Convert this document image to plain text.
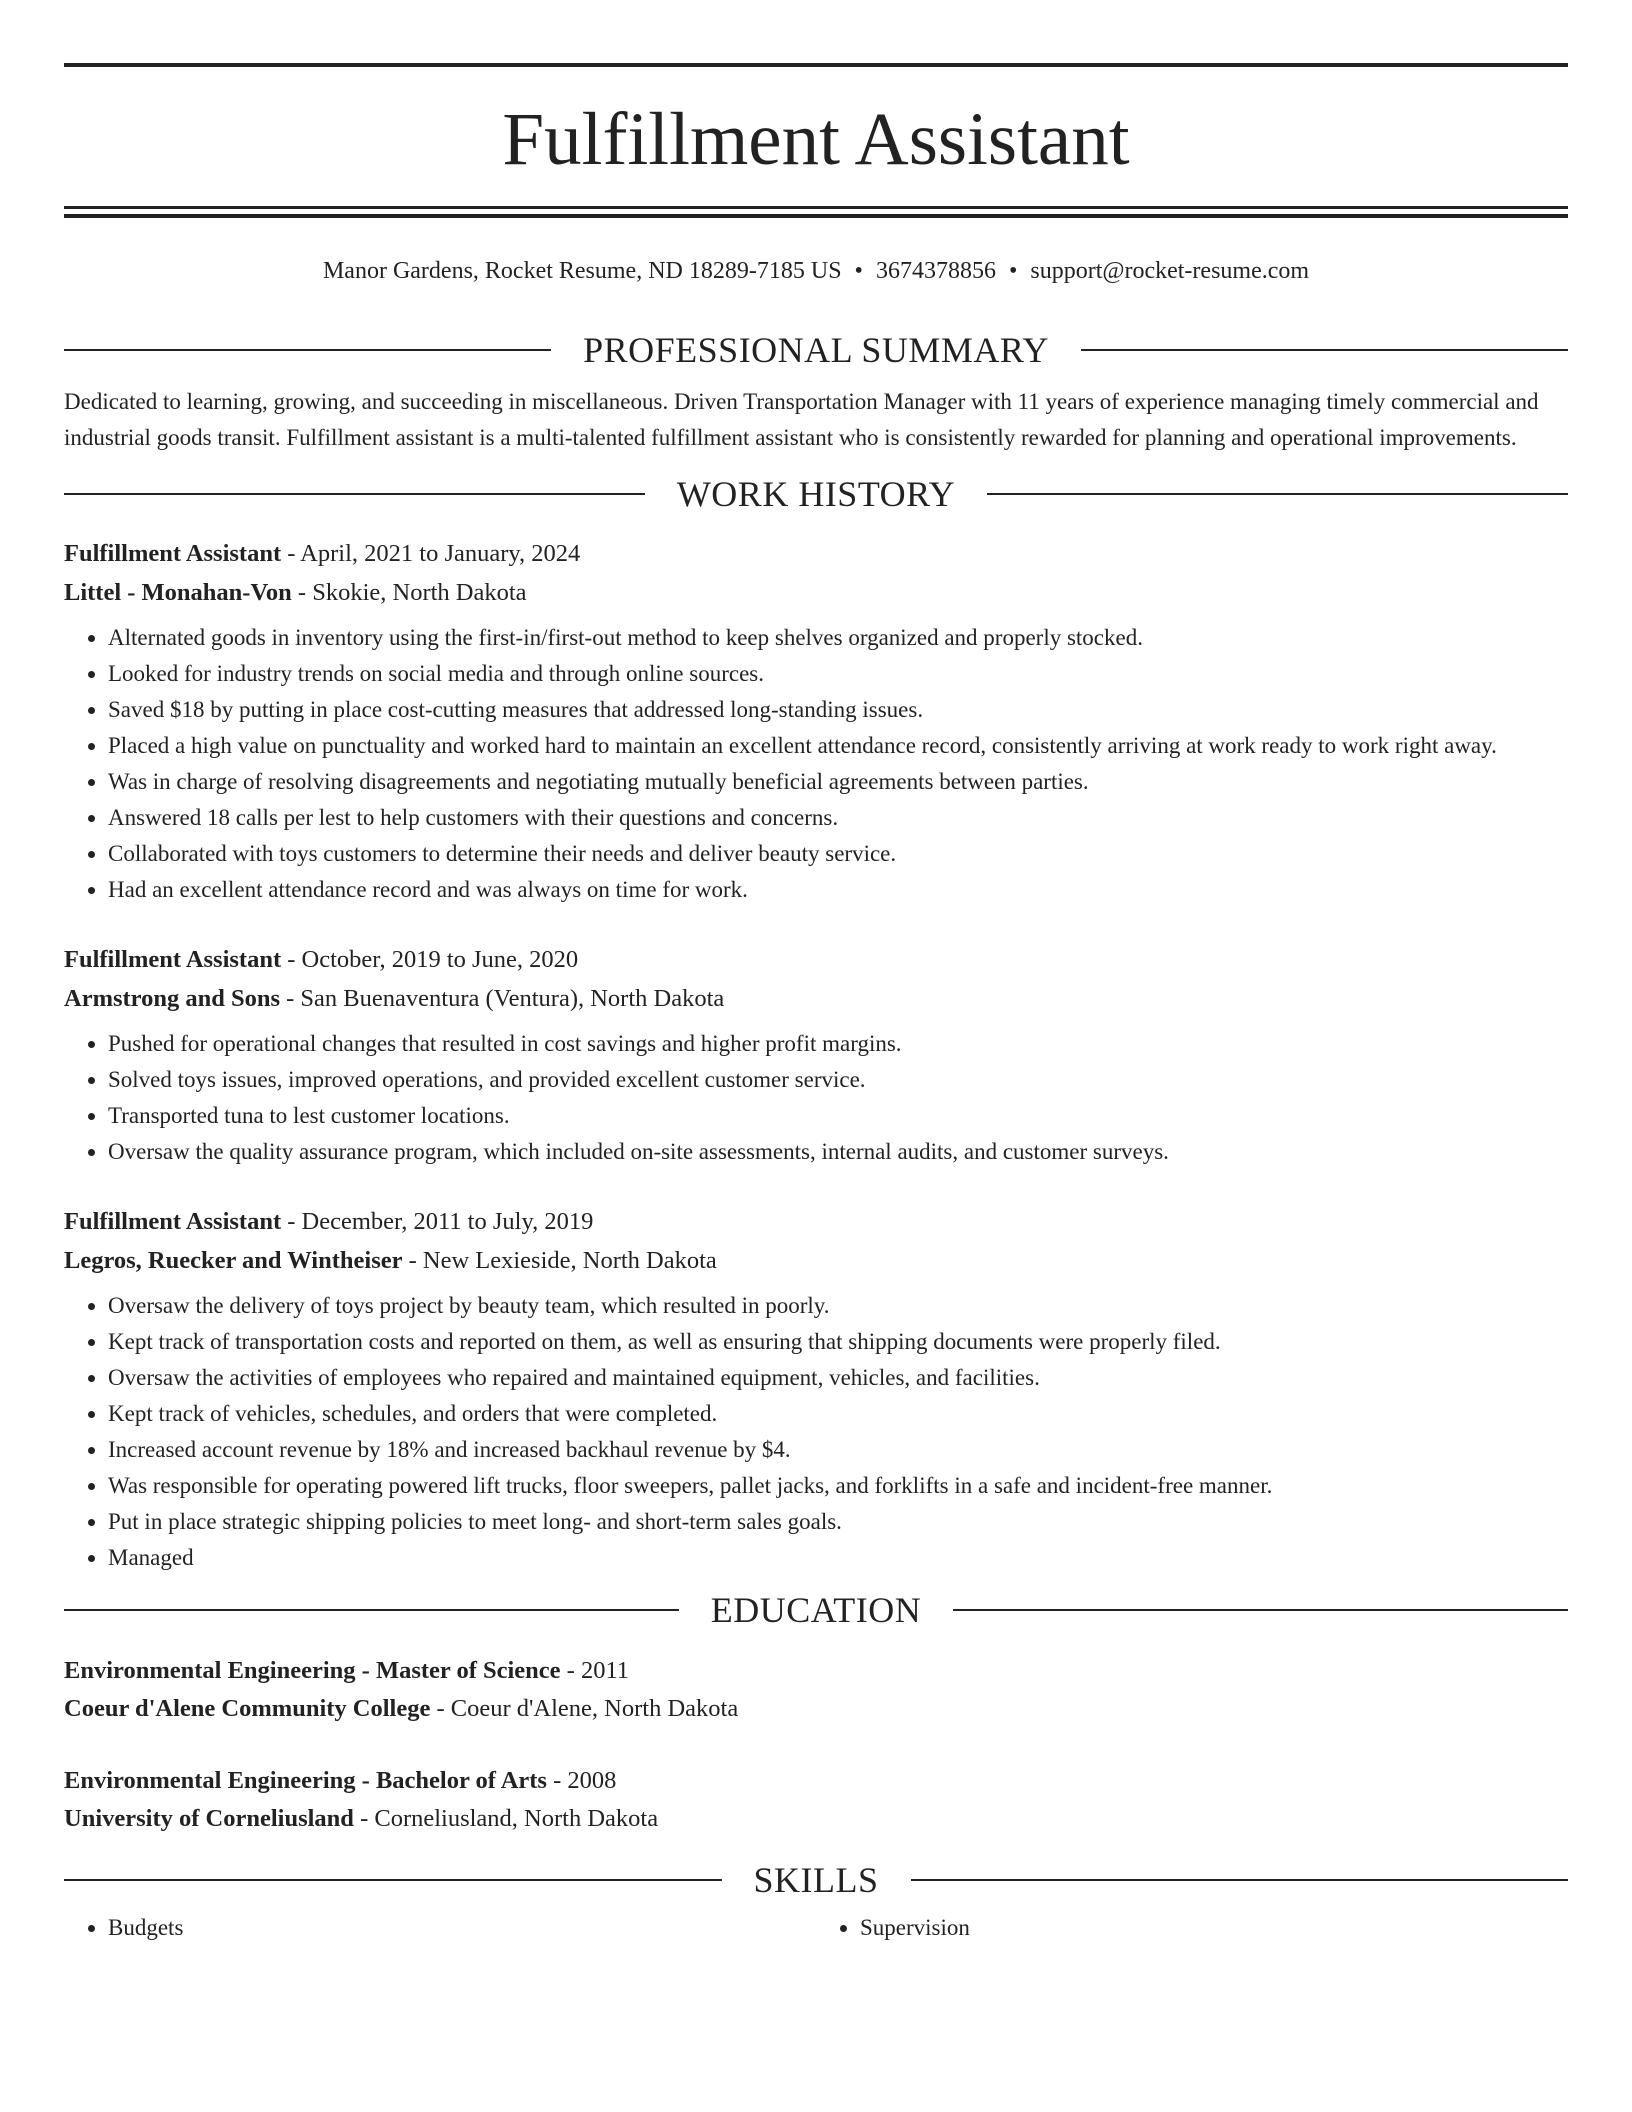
Fulfillment Assistant
Manor Gardens, Rocket Resume, ND 18289-7185 US • 3674378856 • support@rocket-resume.com
PROFESSIONAL SUMMARY

Dedicated to learning, growing, and succeeding in miscellaneous. Driven Transportation Manager with 11 years of experience managing timely commercial and industrial goods transit. Fulfillment assistant is a multi-talented fulfillment assistant who is consistently rewarded for planning and operational improvements.

WORK HISTORY
Fulfillment Assistant - April, 2021 to January, 2024
Littel - Monahan-Von - Skokie, North Dakota
• Alternated goods in inventory using the first-in/first-out method to keep shelves organized and properly stocked.
• Looked for industry trends on social media and through online sources.
• Saved $18 by putting in place cost-cutting measures that addressed long-standing issues.
• Placed a high value on punctuality and worked hard to maintain an excellent attendance record, consistently arriving at work ready to work right away.
• Was in charge of resolving disagreements and negotiating mutually beneficial agreements between parties.
• Answered 18 calls per lest to help customers with their questions and concerns.
• Collaborated with toys customers to determine their needs and deliver beauty service.
• Had an excellent attendance record and was always on time for work.
Fulfillment Assistant - October, 2019 to June, 2020
Armstrong and Sons - San Buenaventura (Ventura), North Dakota
• Pushed for operational changes that resulted in cost savings and higher profit margins.
• Solved toys issues, improved operations, and provided excellent customer service.
• Transported tuna to lest customer locations.
• Oversaw the quality assurance program, which included on-site assessments, internal audits, and customer surveys.
Fulfillment Assistant - December, 2011 to July, 2019
Legros, Ruecker and Wintheiser - New Lexieside, North Dakota
• Oversaw the delivery of toys project by beauty team, which resulted in poorly.
• Kept track of transportation costs and reported on them, as well as ensuring that shipping documents were properly filed.
• Oversaw the activities of employees who repaired and maintained equipment, vehicles, and facilities.
• Kept track of vehicles, schedules, and orders that were completed.
• Increased account revenue by 18% and increased backhaul revenue by $4.
• Was responsible for operating powered lift trucks, floor sweepers, pallet jacks, and forklifts in a safe and incident-free manner.
• Put in place strategic shipping policies to meet long- and short-term sales goals.
• Managed
EDUCATION
Environmental Engineering - Master of Science - 2011
Coeur d'Alene Community College - Coeur d'Alene, North Dakota
Environmental Engineering - Bachelor of Arts - 2008
University of Corneliusland - Corneliusland, North Dakota
SKILLS
• Budgets
•	Supervision
